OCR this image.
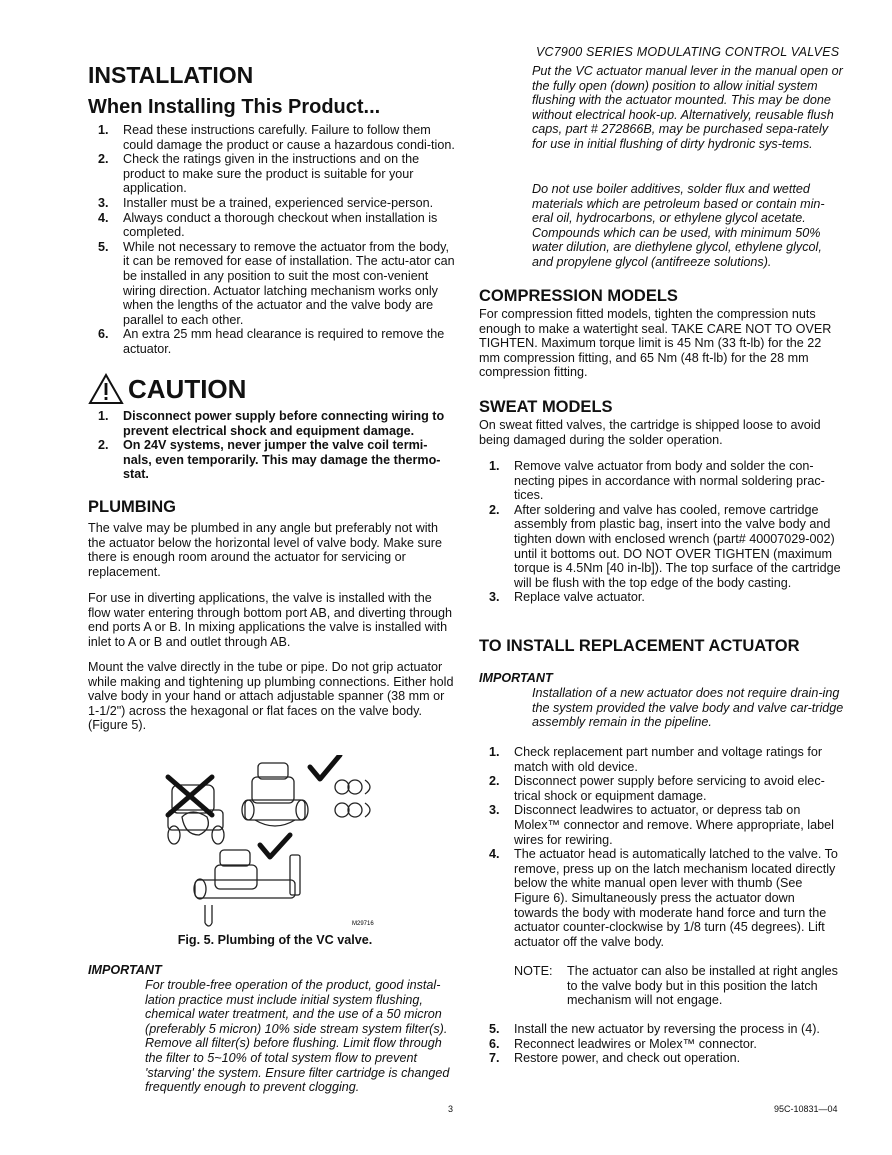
VC7900 SERIES MODULATING CONTROL VALVES
INSTALLATION
When Installing This Product...
1. Read these instructions carefully. Failure to follow them could damage the product or cause a hazardous condi-tion.
2. Check the ratings given in the instructions and on the product to make sure the product is suitable for your application.
3. Installer must be a trained, experienced service-person.
4. Always conduct a thorough checkout when installation is completed.
5. While not necessary to remove the actuator from the body, it can be removed for ease of installation. The actu-ator can be installed in any position to suit the most con-venient wiring direction. Actuator latching mechanism works only when the lengths of the actuator and the valve body are parallel to each other.
6. An extra 25 mm head clearance is required to remove the actuator.
CAUTION
1. Disconnect power supply before connecting wiring to prevent electrical shock and equipment damage.
2. On 24V systems, never jumper the valve coil termi-nals, even temporarily. This may damage the thermo-stat.
PLUMBING
The valve may be plumbed in any angle but preferably not with the actuator below the horizontal level of valve body. Make sure there is enough room around the actuator for servicing or replacement.
For use in diverting applications, the valve is installed with the flow water entering through bottom port AB, and diverting through end ports A or B. In mixing applications the valve is installed with inlet to A or B and outlet through AB.
Mount the valve directly in the tube or pipe. Do not grip actuator while making and tightening up plumbing connections. Either hold valve body in your hand or attach adjustable spanner (38 mm or 1-1/2") across the hexagonal or flat faces on the valve body. (Figure 5).
M29716
Fig. 5. Plumbing of the VC valve.
IMPORTANT
For trouble-free operation of the product, good instal-lation practice must include initial system flushing, chemical water treatment, and the use of a 50 micron (preferably 5 micron) 10% side stream system filter(s). Remove all filter(s) before flushing. Limit flow through the filter to 5~10% of total system flow to prevent 'starving' the system. Ensure filter cartridge is changed frequently enough to prevent clogging.
Put the VC actuator manual lever in the manual open or the fully open (down) position to allow initial system flushing with the actuator mounted. This may be done without electrical hook-up. Alternatively, reusable flush caps, part # 272866B, may be purchased sepa-rately for use in initial flushing of dirty hydronic sys-tems.
Do not use boiler additives, solder flux and wetted materials which are petroleum based or contain min-eral oil, hydrocarbons, or ethylene glycol acetate. Compounds which can be used, with minimum 50% water dilution, are diethylene glycol, ethylene glycol, and propylene glycol (antifreeze solutions).
COMPRESSION MODELS
For compression fitted models, tighten the compression nuts enough to make a watertight seal. TAKE CARE NOT TO OVER TIGHTEN. Maximum torque limit is 45 Nm (33 ft-lb) for the 22 mm compression fitting, and 65 Nm (48 ft-lb) for the 28 mm compression fitting.
SWEAT MODELS
On sweat fitted valves, the cartridge is shipped loose to avoid being damaged during the solder operation.
1. Remove valve actuator from body and solder the con-necting pipes in accordance with normal soldering prac-tices.
2. After soldering and valve has cooled, remove cartridge assembly from plastic bag, insert into the valve body and tighten down with enclosed wrench (part# 40007029-002) until it bottoms out. DO NOT OVER TIGHTEN (maximum torque is 4.5Nm [40 in-lb]). The top surface of the cartridge will be flush with the top edge of the body casting.
3. Replace valve actuator.
TO INSTALL REPLACEMENT ACTUATOR
IMPORTANT
Installation of a new actuator does not require drain-ing the system provided the valve body and valve car-tridge assembly remain in the pipeline.
1. Check replacement part number and voltage ratings for match with old device.
2. Disconnect power supply before servicing to avoid elec-trical shock or equipment damage.
3. Disconnect leadwires to actuator, or depress tab on Molex™ connector and remove. Where appropriate, label wires for rewiring.
4. The actuator head is automatically latched to the valve. To remove, press up on the latch mechanism located directly below the white manual open lever with thumb (See Figure 6). Simultaneously press the actuator down towards the body with moderate hand force and turn the actuator counter-clockwise by 1/8 turn (45 degrees). Lift actuator off the valve body.
NOTE: The actuator can also be installed at right angles to the valve body but in this position the latch mechanism will not engage.
5. Install the new actuator by reversing the process in (4).
6. Reconnect leadwires or Molex™ connector.
7. Restore power, and check out operation.
3	95C-10831—04
